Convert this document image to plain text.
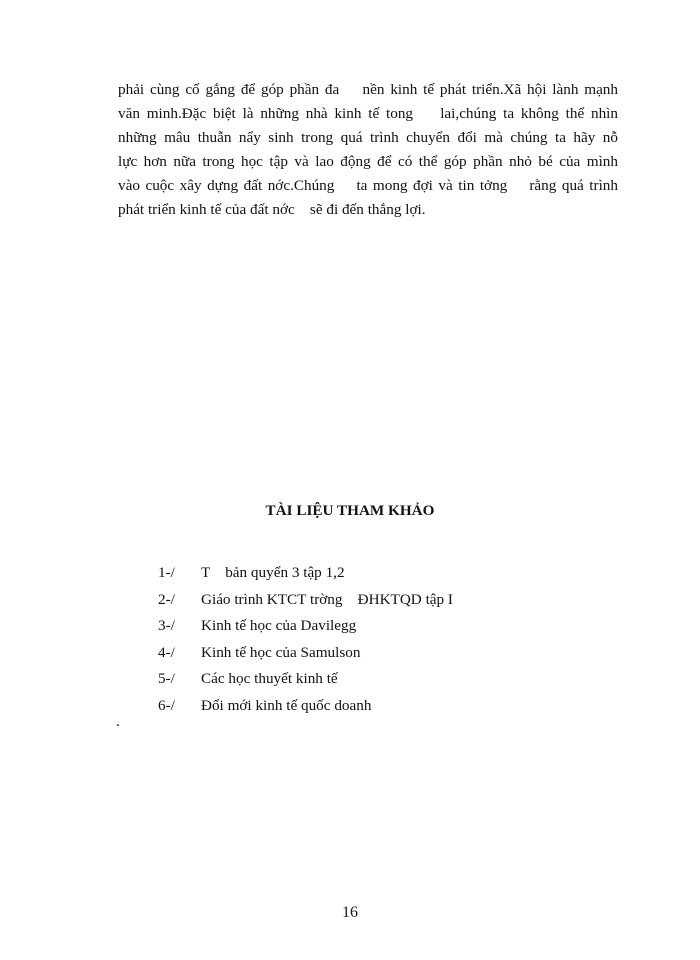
phải cùng cố gắng để góp phần đa    nền kinh tế phát triển.Xã hội lành mạnh
văn minh.Đặc biệt là những nhà kinh tế tong    lai,chúng ta không thể nhìn
những mâu thuẫn nẩy sinh trong quá trình chuyển đổi mà chúng ta hãy nỗ
lực hơn nữa trong học tập và lao động để có thể góp phần nhỏ bé của mình
vào cuộc xây dựng đất nớc.Chúng    ta mong đợi và tin tởng    rằng quá trình
phát triển kinh tế của đất nớc    sẽ đi đến thắng lợi.
TÀI LIỆU THAM KHẢO
1-/	T    bản quyển 3 tập 1,2
2-/	Giáo trình KTCT trờng    ĐHKTQD tập I
3-/	Kinh tế học của Davilegg
4-/	Kinh tế học của Samulson
5-/	Các học thuyết kinh tế
6-/	Đổi mới kinh tế quốc doanh
.
16
